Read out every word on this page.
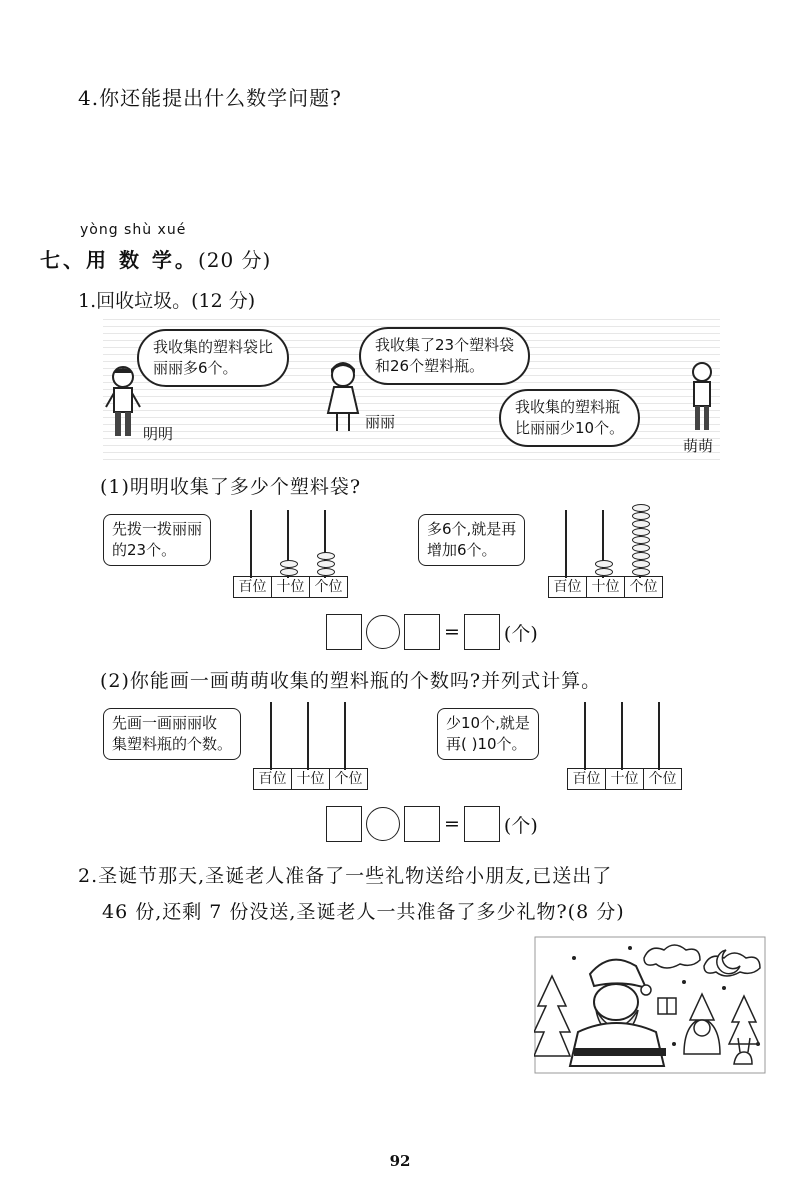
4.你还能提出什么数学问题?
yòng shù xué
七、用 数 学。(20 分)
1.回收垃圾。(12 分)
我收集的塑料袋比
丽丽多6个。
我收集了23个塑料袋
和26个塑料瓶。
我收集的塑料瓶
比丽丽少10个。
明明
丽丽
萌萌
(1)明明收集了多少个塑料袋?
先拨一拨丽丽
的23个。
百位 十位 个位
多6个,就是再
增加6个。
百位 十位 个位
= (个)
(2)你能画一画萌萌收集的塑料瓶的个数吗?并列式计算。
先画一画丽丽收
集塑料瓶的个数。
百位 十位 个位
少10个,就是
再( )10个。
百位 十位 个位
= (个)
2.圣诞节那天,圣诞老人准备了一些礼物送给小朋友,已送出了
46 份,还剩 7 份没送,圣诞老人一共准备了多少礼物?(8 分)
92
